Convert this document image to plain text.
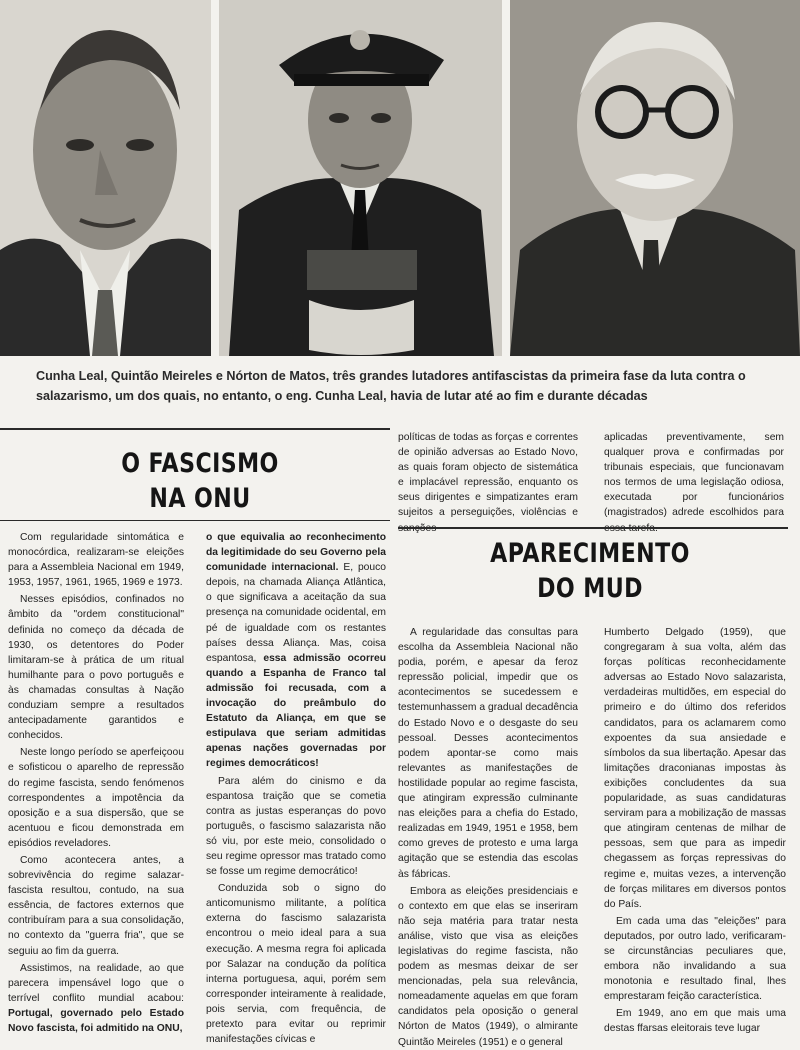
Cunha Leal, Quintão Meireles e Nórton de Matos, três grandes lutadores antifascistas da primeira fase da luta contra o salazarismo, um dos quais, no entanto, o eng. Cunha Leal, havia de lutar até ao fim e durante décadas

O FASCISMO
NA ONU

Com regularidade sintomática e monocórdica, realizaram-se eleições para a Assembleia Nacional em 1949, 1953, 1957, 1961, 1965, 1969 e 1973.

Nesses episódios, confinados no âmbito da "ordem constitucional" definida no começo da década de 1930, os detentores do Poder limitaram-se à prática de um ritual humilhante para o povo português e às chamadas consultas à Nação conduziam sempre a resultados antecipadamente garantidos e conhecidos.

Neste longo período se aperfeiçoou e sofisticou o aparelho de repressão do regime fascista, sendo fenómenos correspondentes a impotência da oposição e a sua dispersão, que se acentuou e ficou demonstrada em episódios reveladores.

Como acontecera antes, a sobrevivência do regime salazar-fascista resultou, contudo, na sua essência, de factores externos que contribuíram para a sua consolidação, no contexto da "guerra fria", que se seguiu ao fim da guerra.

Assistimos, na realidade, ao que parecera impensável logo que o terrível conflito mundial acabou: Portugal, governado pelo Estado Novo fascista, foi admitido na ONU,

o que equivalia ao reconhecimento da legitimidade do seu Governo pela comunidade internacional. E, pouco depois, na chamada Aliança Atlântica, o que significava a aceitação da sua presença na comunidade ocidental, em pé de igualdade com os restantes países dessa Aliança. Mas, coisa espantosa, essa admissão ocorreu quando a Espanha de Franco tal admissão foi recusada, com a invocação do preâmbulo do Estatuto da Aliança, em que se estipulava que seriam admitidas apenas nações governadas por regimes democráticos!

Para além do cinismo e da espantosa traição que se cometia contra as justas esperanças do povo português, o fascismo salazarista não só viu, por este meio, consolidado o seu regime opressor mas tratado como se fosse um regime democrático!

Conduzida sob o signo do anticomunismo militante, a política externa do fascismo salazarista encontrou o meio ideal para a sua execução. A mesma regra foi aplicada por Salazar na condução da política interna portuguesa, aqui, porém sem corresponder inteiramente à realidade, pois servia, com frequência, de pretexto para evitar ou reprimir manifestações cívicas e

políticas de todas as forças e correntes de opinião adversas ao Estado Novo, as quais foram objecto de sistemática e implacável repressão, enquanto os seus dirigentes e simpatizantes eram sujeitos a perseguições, violências e

aplicadas preventivamente, sem qualquer prova e confirmadas por tribunais especiais, que funcionavam nos termos de uma legislação odiosa, executada por funcionários (magistrados) adrede escolhidos para

APARECIMENTO
DO MUD

A regularidade das consultas para escolha da Assembleia Nacional não podia, porém, e apesar da feroz repressão policial, impedir que os acontecimentos se sucedessem e testemunhassem a gradual decadência do Estado Novo e o desgaste do seu pessoal. Desses acontecimentos podem apontar-se como mais relevantes as manifestações de hostilidade popular ao regime fascista, que atingiram expressão culminante nas eleições para a chefia do Estado, realizadas em 1949, 1951 e 1958, bem como greves de protesto e uma larga agitação que se estendia das escolas às fábricas.

Embora as eleições presidenciais e o contexto em que elas se inseriram não seja matéria para tratar nesta análise, visto que visa as eleições legislativas do regime fascista, não podem as mesmas deixar de ser mencionadas, pela sua relevância, nomeadamente aquelas em que foram candidatos pela oposição o general Nórton de Matos (1949), o almirante Quintão Meireles (1951) e o general

Humberto Delgado (1959), que congregaram à sua volta, além das forças políticas reconhecidamente adversas ao Estado Novo salazarista, verdadeiras multidões, em especial do primeiro e do último dos referidos candidatos, para os aclamarem como expoentes da sua ansiedade e símbolos da sua libertação. Apesar das limitações draconianas impostas às exibições concludentes da sua popularidade, as suas candidaturas serviram para a mobilização de massas que atingiram centenas de milhar de pessoas, sem que para as impedir chegassem as forças repressivas do regime e, muitas vezes, a intervenção de forças militares em diversos pontos do País.

Em cada uma das "eleições" para deputados, por outro lado, verificaram-se circunstâncias peculiares que, embora não invalidando a sua monotonia e resultado final, lhes emprestaram feição característica.

Em 1949, ano em que mais uma destas ffarsas eleitorais teve lugar
